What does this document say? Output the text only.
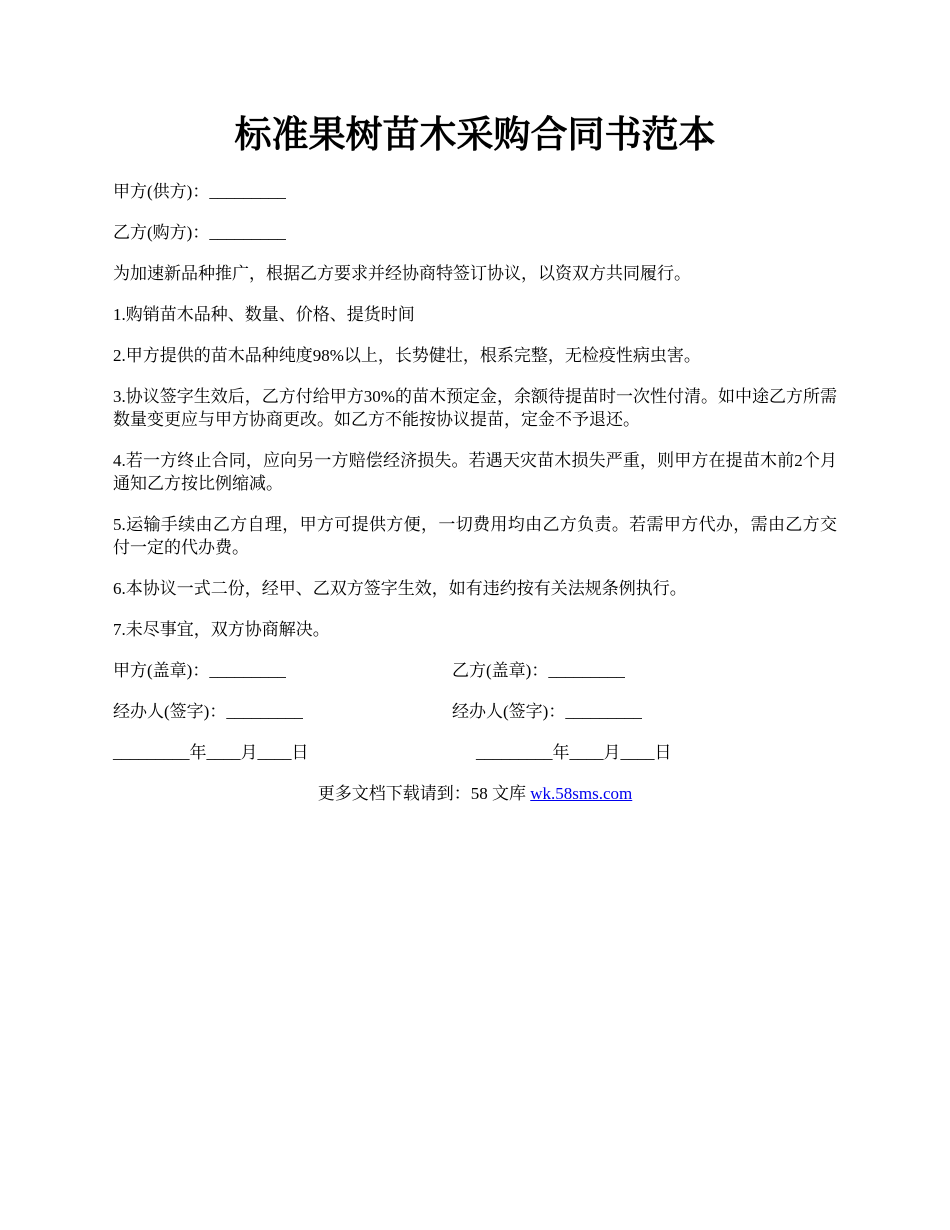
标准果树苗木采购合同书范本

甲方(供方)：_________

乙方(购方)：_________

为加速新品种推广，根据乙方要求并经协商特签订协议，以资双方共同履行。

1.购销苗木品种、数量、价格、提货时间

2.甲方提供的苗木品种纯度98%以上，长势健壮，根系完整，无检疫性病虫害。

3.协议签字生效后，乙方付给甲方30%的苗木预定金，余额待提苗时一次性付清。如中途乙方所需数量变更应与甲方协商更改。如乙方不能按协议提苗，定金不予退还。

4.若一方终止合同，应向另一方赔偿经济损失。若遇天灾苗木损失严重，则甲方在提苗木前2个月通知乙方按比例缩减。

5.运输手续由乙方自理，甲方可提供方便，一切费用均由乙方负责。若需甲方代办，需由乙方交付一定的代办费。

6.本协议一式二份，经甲、乙双方签字生效，如有违约按有关法规条例执行。

7.未尽事宜，双方协商解决。

甲方(盖章)：_________	乙方(盖章)：_________
经办人(签字)：_________	经办人(签字)：_________
_________年____月____日	_________年____月____日

更多文档下载请到：58 文库 wk.58sms.com
